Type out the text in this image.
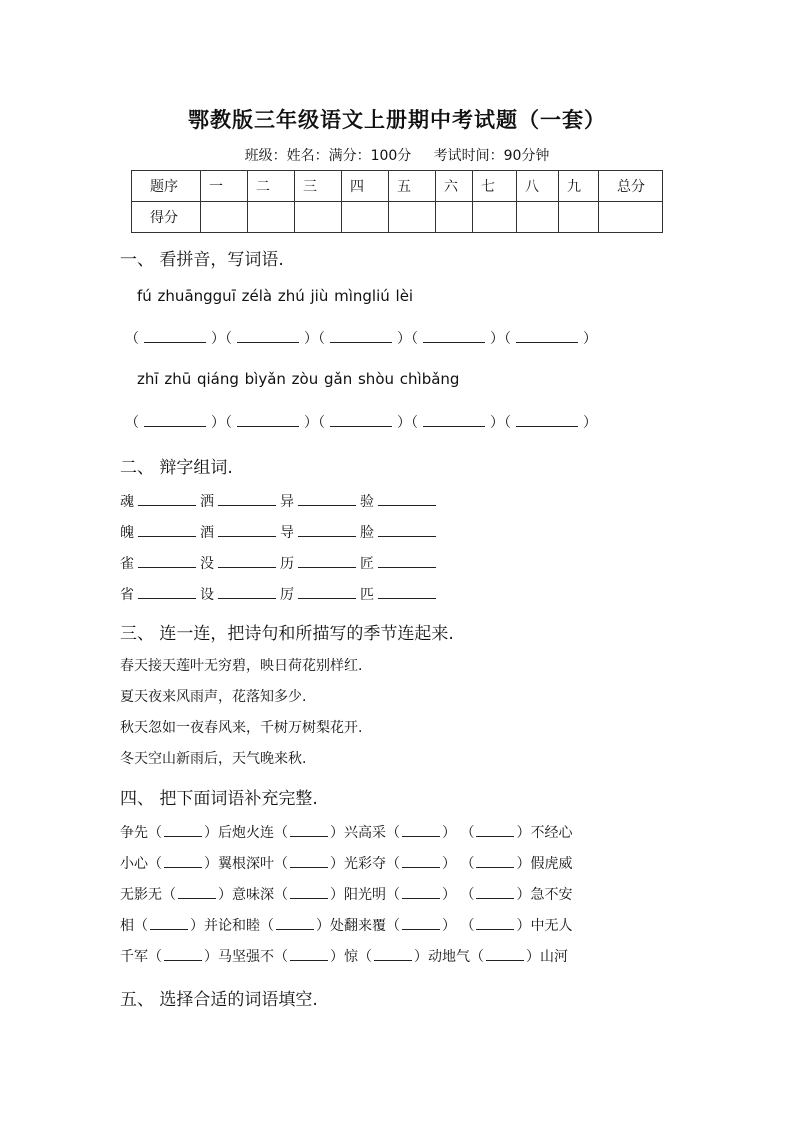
鄂教版三年级语文上册期中考试题（一套）
班级：姓名：满分：100分 考试时间：90分钟
题序	一	二	三	四	五	六	七	八	九	总分
得分										
一、 看拼音，写词语.
fú zhuāngguī zélà zhú jiù mìngliú lèi
（	）（	）（	）（	）（	）
zhī zhū qiáng bìyǎn zòu gǎn shòu chìbǎng
（	）（	）（	）（	）（	）
二、 辩字组词.
魂	洒	异	验
魄	酒	导	脸
雀	没	历	匠
省	设	厉	匹
三、 连一连，把诗句和所描写的季节连起来.
春天接天莲叶无穷碧，映日荷花别样红.
夏天夜来风雨声，花落知多少.
秋天忽如一夜春风来，千树万树梨花开.
冬天空山新雨后，天气晚来秋.
四、 把下面词语补充完整.
争先（	）后炮火连（	）兴高采（	） （	）不经心
小心（	）翼根深叶（	）光彩夺（	） （	）假虎威
无影无（	）意味深（	）阳光明（	） （	）急不安
相（	）并论和睦（	）处翻来覆（	） （	）中无人
千军（	）马坚强不（	）惊（	）动地气（	）山河
五、 选择合适的词语填空.
